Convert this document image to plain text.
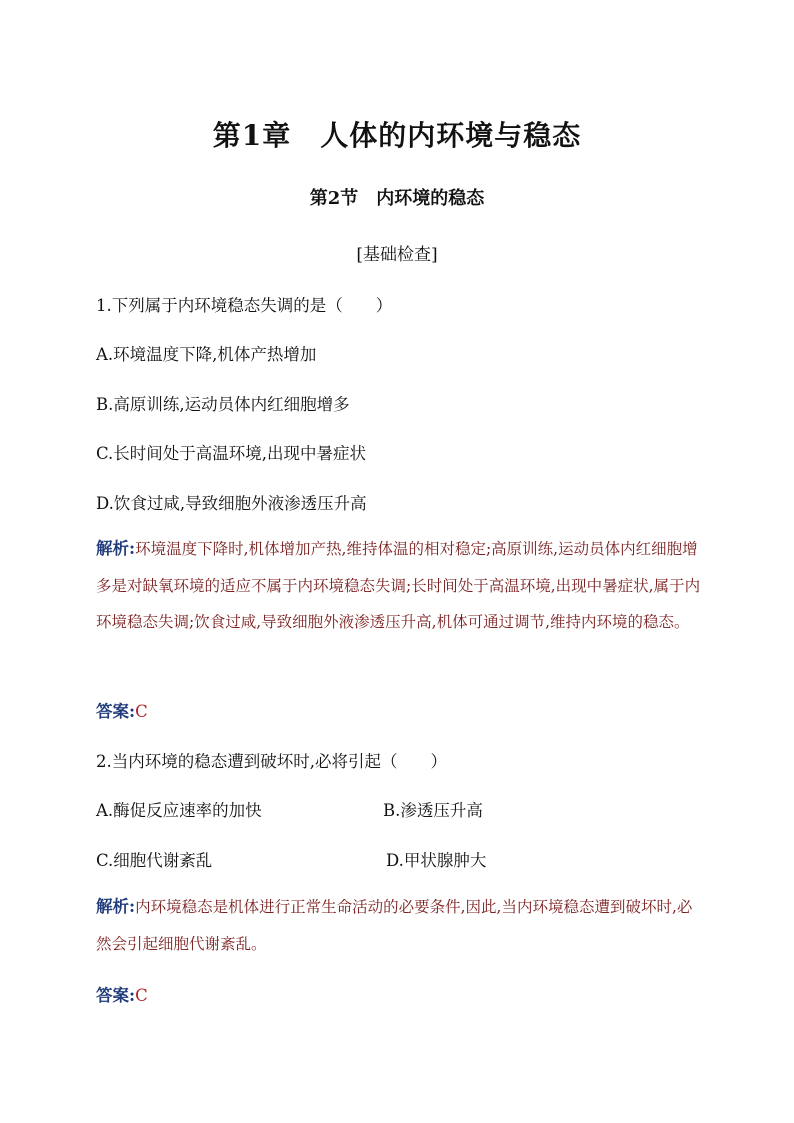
第1章　人体的内环境与稳态
第2节　内环境的稳态
[基础检查]
1.下列属于内环境稳态失调的是（　　）
A.环境温度下降,机体产热增加
B.高原训练,运动员体内红细胞增多
C.长时间处于高温环境,出现中暑症状
D.饮食过咸,导致细胞外液渗透压升高
解析:环境温度下降时,机体增加产热,维持体温的相对稳定;高原训练,运动员体内红细胞增多是对缺氧环境的适应不属于内环境稳态失调;长时间处于高温环境,出现中暑症状,属于内环境稳态失调;饮食过咸,导致细胞外液渗透压升高,机体可通过调节,维持内环境的稳态。
答案:C
2.当内环境的稳态遭到破坏时,必将引起（　　）
A.酶促反应速率的加快	B.渗透压升高
C.细胞代谢紊乱	D.甲状腺肿大
解析:内环境稳态是机体进行正常生命活动的必要条件,因此,当内环境稳态遭到破坏时,必然会引起细胞代谢紊乱。
答案:C
